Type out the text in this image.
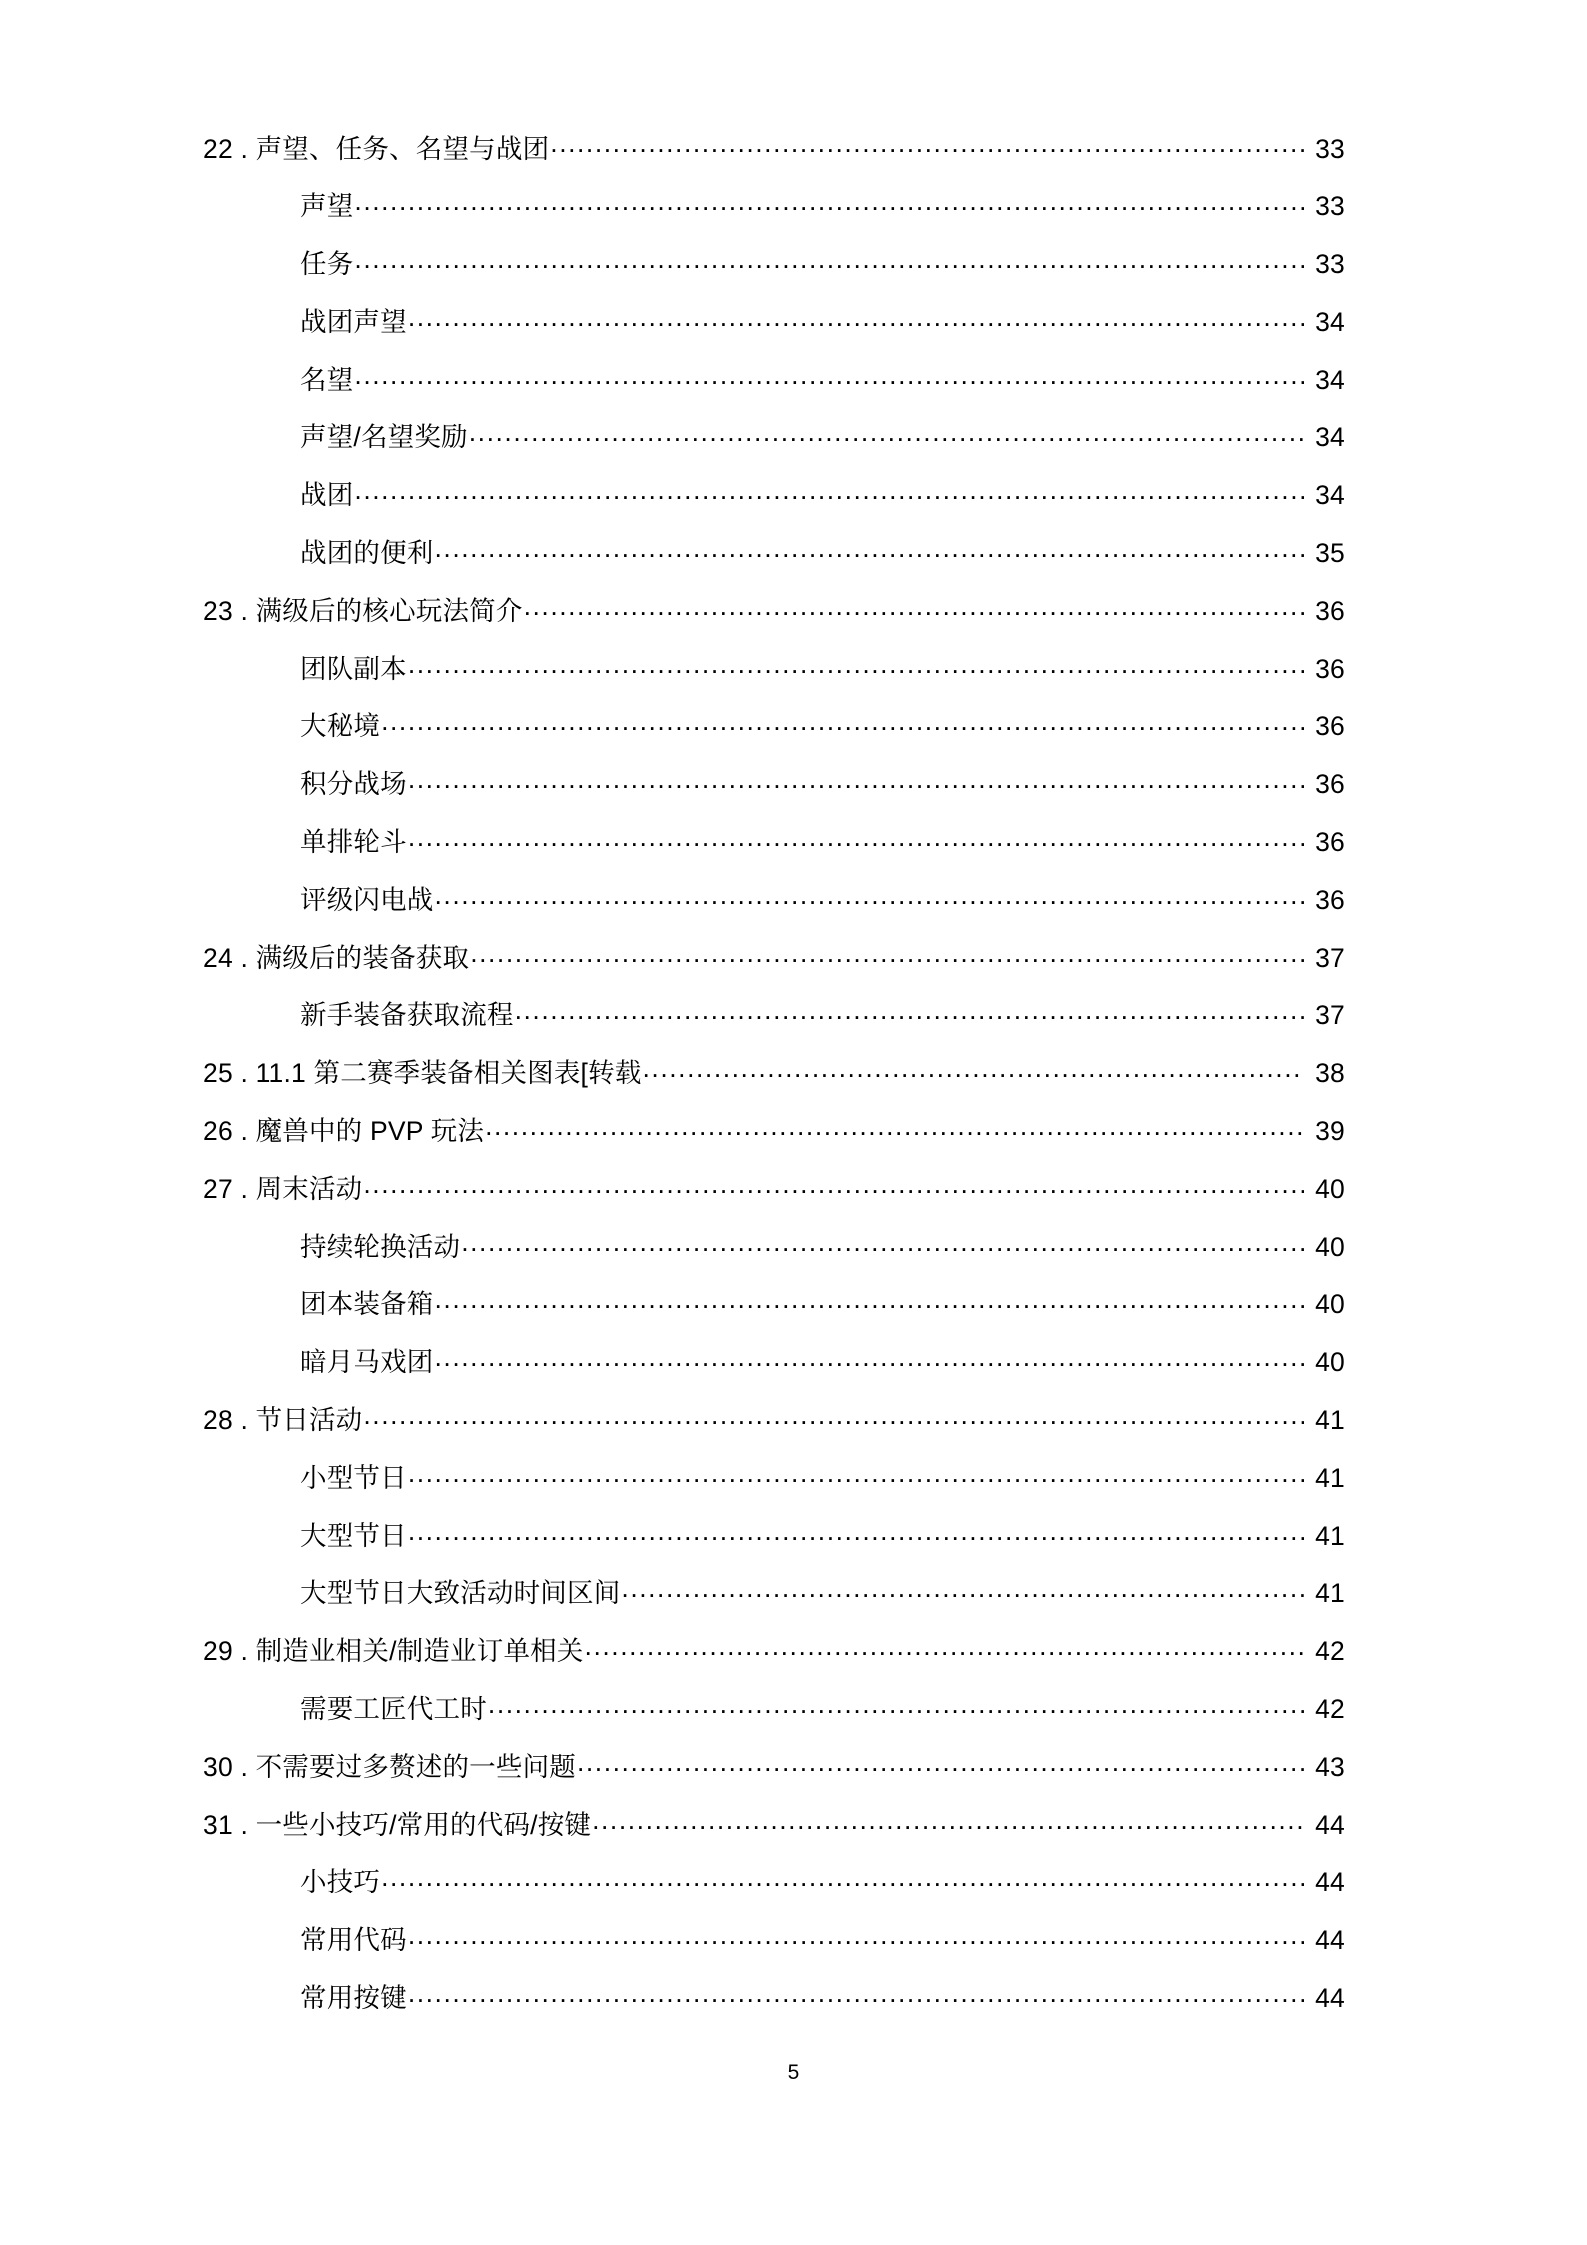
22 . 声望、任务、名望与战团 .....	33
声望 .....	33
任务 .....	33
战团声望 .....	34
名望 .....	34
声望/名望奖励 .....	34
战团 .....	34
战团的便利 .....	35
23 . 满级后的核心玩法简介 .....	36
团队副本 .....	36
大秘境 .....	36
积分战场 .....	36
单排轮斗 .....	36
评级闪电战 .....	36
24 . 满级后的装备获取 .....	37
新手装备获取流程 .....	37
25 . 11.1 第二赛季装备相关图表[转载 .....	38
26 . 魔兽中的 PVP 玩法 .....	39
27 . 周末活动 .....	40
持续轮换活动 .....	40
团本装备箱 .....	40
暗月马戏团 .....	40
28 . 节日活动 .....	41
小型节日 .....	41
大型节日 .....	41
大型节日大致活动时间区间 .....	41
29 . 制造业相关/制造业订单相关 .....	42
需要工匠代工时 .....	42
30 . 不需要过多赘述的一些问题 .....	43
31 . 一些小技巧/常用的代码/按键 .....	44
小技巧 .....	44
常用代码 .....	44
常用按键 .....	44
5
